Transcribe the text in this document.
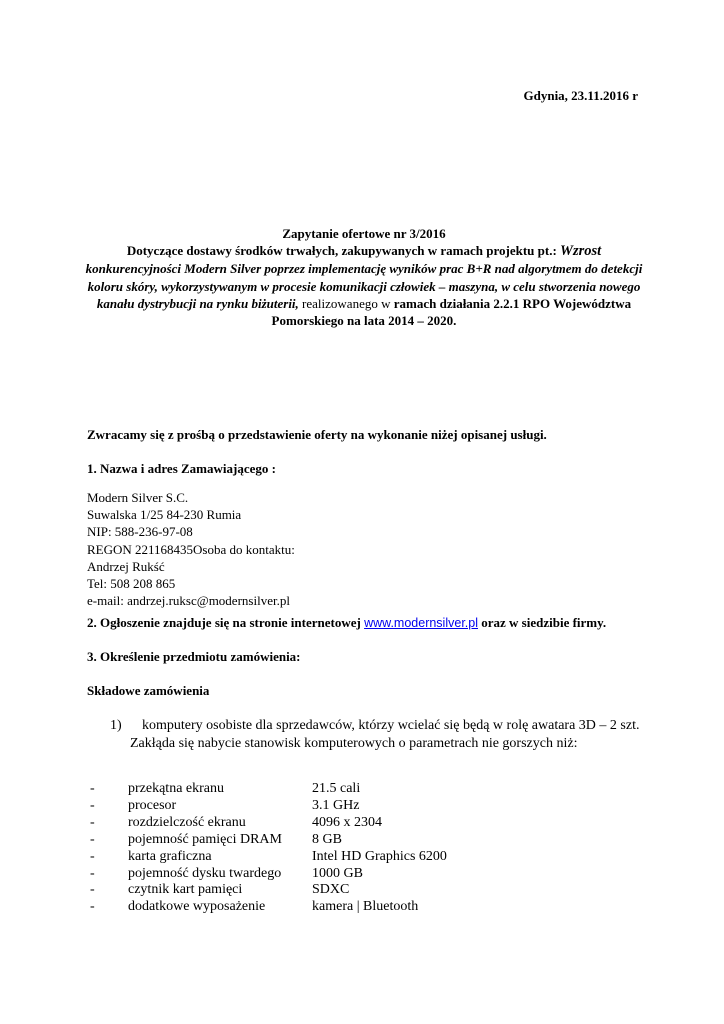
Gdynia, 23.11.2016 r

Zapytanie ofertowe nr 3/2016
Dotyczące dostawy środków trwałych, zakupywanych w ramach projektu pt.: Wzrost konkurencyjności Modern Silver poprzez implementację wyników prac B+R nad algorytmem do detekcji koloru skóry, wykorzystywanym w procesie komunikacji człowiek – maszyna, w celu stworzenia nowego kanału dystrybucji na rynku biżuterii, realizowanego w ramach działania 2.2.1 RPO Województwa Pomorskiego na lata 2014 – 2020.

Zwracamy się z prośbą o przedstawienie oferty na wykonanie niżej opisanej usługi.

1. Nazwa i adres Zamawiającego :

Modern Silver S.C.
Suwalska 1/25 84-230 Rumia
NIP: 588-236-97-08
REGON 221168435Osoba do kontaktu:
Andrzej Rukść
Tel: 508 208 865
e-mail: andrzej.ruksc@modernsilver.pl

2. Ogłoszenie znajduje się na stronie internetowej www.modernsilver.pl oraz w siedzibie firmy.

3. Określenie przedmiotu zamówienia:

Składowe zamówienia

1)	komputery osobiste dla sprzedawców, którzy wcielać się będą w rolę awatara 3D – 2 szt.
Zakłąda się nabycie stanowisk komputerowych o parametrach nie gorszych niż:
-	przekątna ekranu	21.5 cali
-	procesor	3.1 GHz
-	rozdzielczość ekranu	4096 x 2304
-	pojemność pamięci DRAM	8 GB
-	karta graficzna	Intel HD Graphics 6200
-	pojemność dysku twardego	1000 GB
-	czytnik kart pamięci	SDXC
-	dodatkowe wyposażenie	kamera | Bluetooth
